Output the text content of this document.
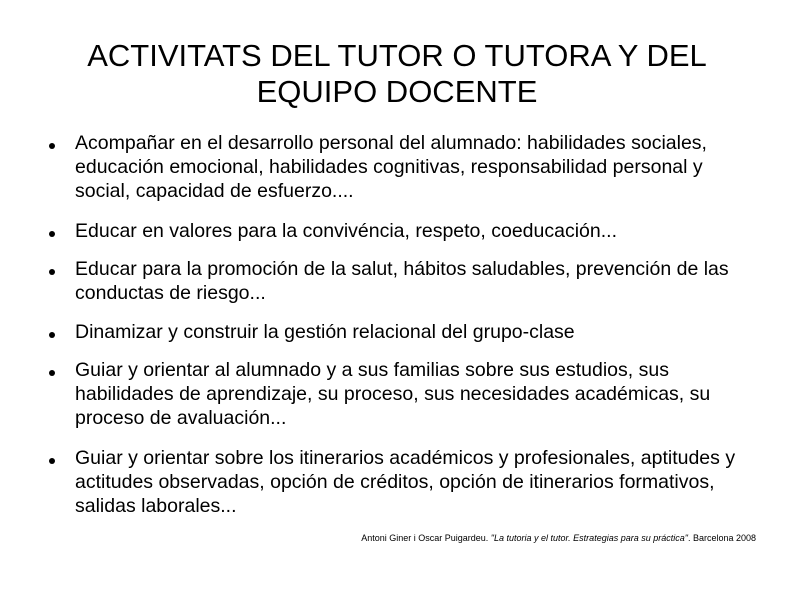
ACTIVITATS DEL TUTOR O TUTORA Y DEL EQUIPO DOCENTE
Acompañar en el desarrollo personal del alumnado: habilidades sociales, educación emocional, habilidades cognitivas, responsabilidad personal y social, capacidad de esfuerzo....
Educar en valores para la convivéncia, respeto, coeducación...
Educar para la promoción de la salut, hábitos saludables, prevención de las conductas de riesgo...
Dinamizar y construir la gestión relacional del grupo-clase
Guiar y orientar al alumnado y a sus familias sobre sus estudios, sus habilidades de aprendizaje, su proceso, sus necesidades académicas, su proceso de avaluación...
Guiar y orientar sobre los itinerarios académicos y profesionales, aptitudes y actitudes observadas, opción de créditos, opción de itinerarios formativos, salidas laborales...
Antoni Giner i Oscar Puigardeu. "La tutoria y el tutor. Estrategias para su práctica". Barcelona 2008
